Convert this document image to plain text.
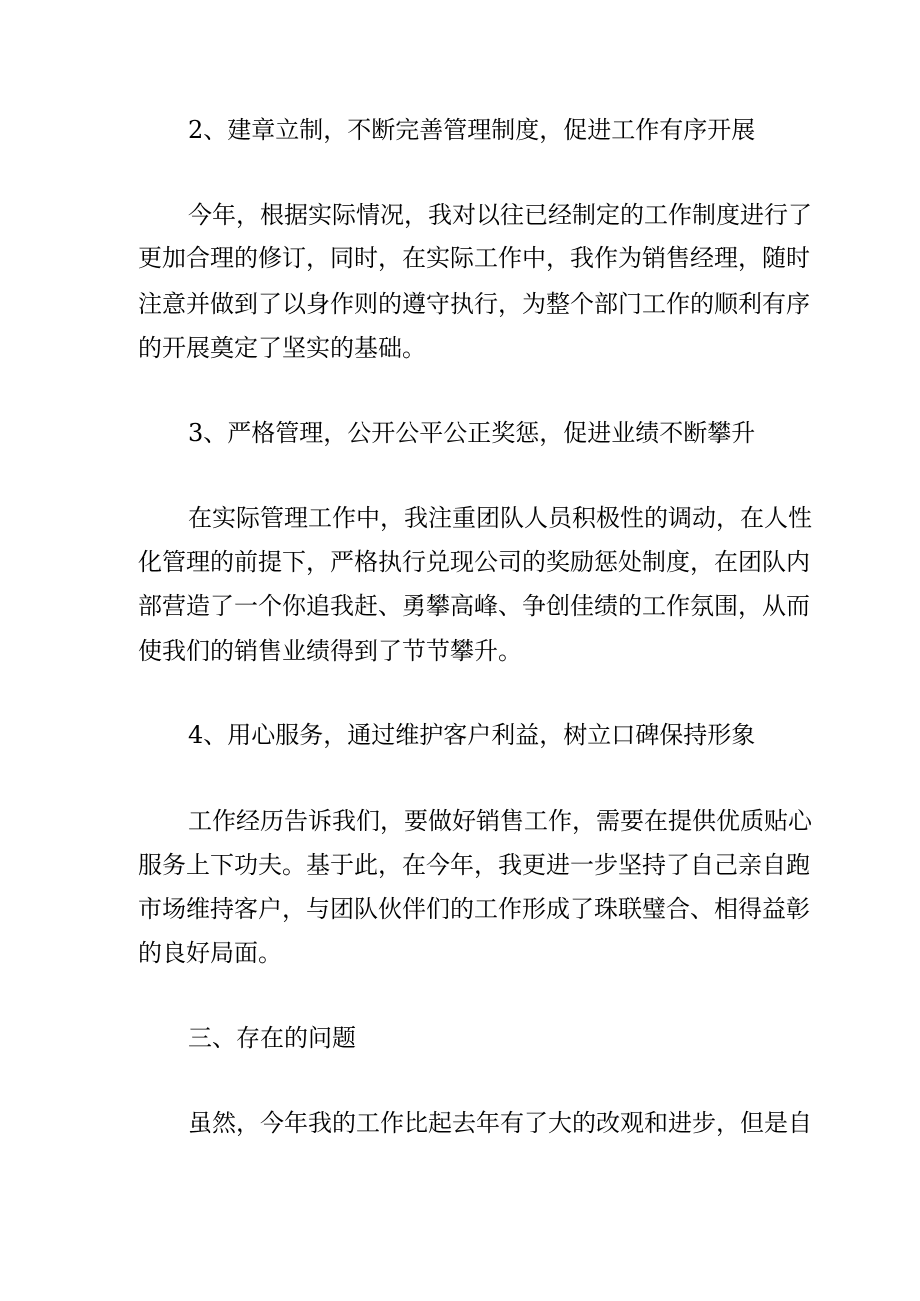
2、建章立制，不断完善管理制度，促进工作有序开展
今年，根据实际情况，我对以往已经制定的工作制度进行了
更加合理的修订，同时，在实际工作中，我作为销售经理，随时
注意并做到了以身作则的遵守执行，为整个部门工作的顺利有序
的开展奠定了坚实的基础。
3、严格管理，公开公平公正奖惩，促进业绩不断攀升
在实际管理工作中，我注重团队人员积极性的调动，在人性
化管理的前提下，严格执行兑现公司的奖励惩处制度，在团队内
部营造了一个你追我赶、勇攀高峰、争创佳绩的工作氛围，从而
使我们的销售业绩得到了节节攀升。
4、用心服务，通过维护客户利益，树立口碑保持形象
工作经历告诉我们，要做好销售工作，需要在提供优质贴心
服务上下功夫。基于此，在今年，我更进一步坚持了自己亲自跑
市场维持客户，与团队伙伴们的工作形成了珠联璧合、相得益彰
的良好局面。
三、存在的问题
虽然，今年我的工作比起去年有了大的改观和进步，但是自
